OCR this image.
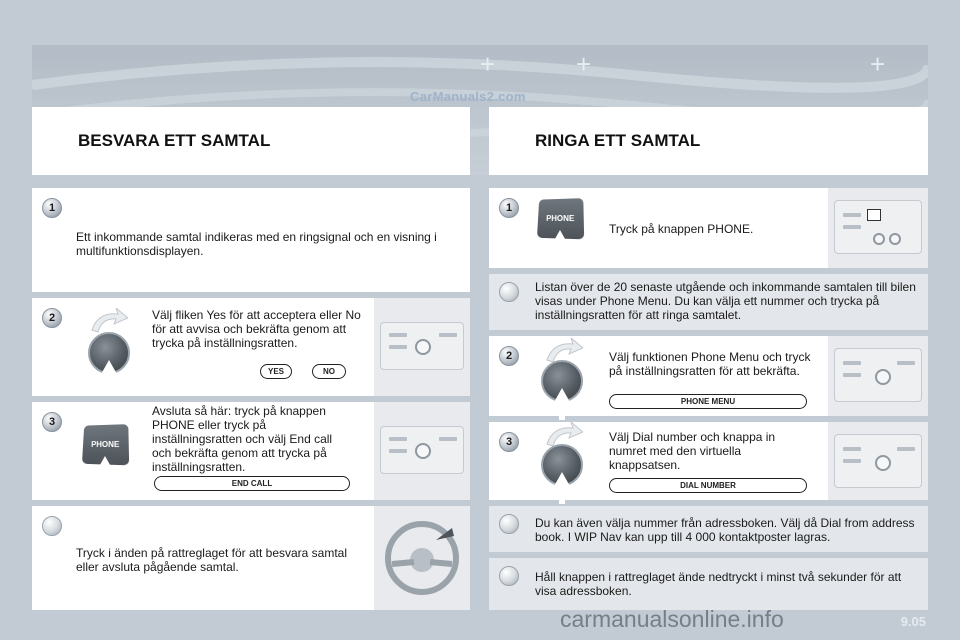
+	+	+
CarManuals2.com
BESVARA ETT SAMTAL
1
Ett inkommande samtal indikeras med en ringsignal och en visning i multifunktionsdisplayen.
2	Välj fliken Yes för att acceptera eller No för att avvisa och bekräfta genom att trycka på inställningsratten.
YES	NO
3
PHONE
Avsluta så här: tryck på knappen PHONE eller tryck på inställningsratten och välj End call och bekräfta genom att trycka på inställningsratten.
END CALL
Tryck i änden på rattreglaget för att besvara samtal eller avsluta pågående samtal.
RINGA ETT SAMTAL
1
PHONE
Tryck på knappen PHONE.
Listan över de 20 senaste utgående och inkommande samtalen till bilen visas under Phone Menu. Du kan välja ett nummer och trycka på inställningsratten för att ringa samtalet.
2	Välj funktionen Phone Menu och tryck på inställningsratten för att bekräfta.
PHONE MENU
3	Välj Dial number och knappa in numret med den virtuella knappsatsen.
DIAL NUMBER
Du kan även välja nummer från adressboken. Välj då Dial from address book. I WIP Nav kan upp till 4 000 kontaktposter lagras.
Håll knappen i rattreglaget ände nedtryckt i minst två sekunder för att visa adressboken.
carmanualsonline.info	9.05
